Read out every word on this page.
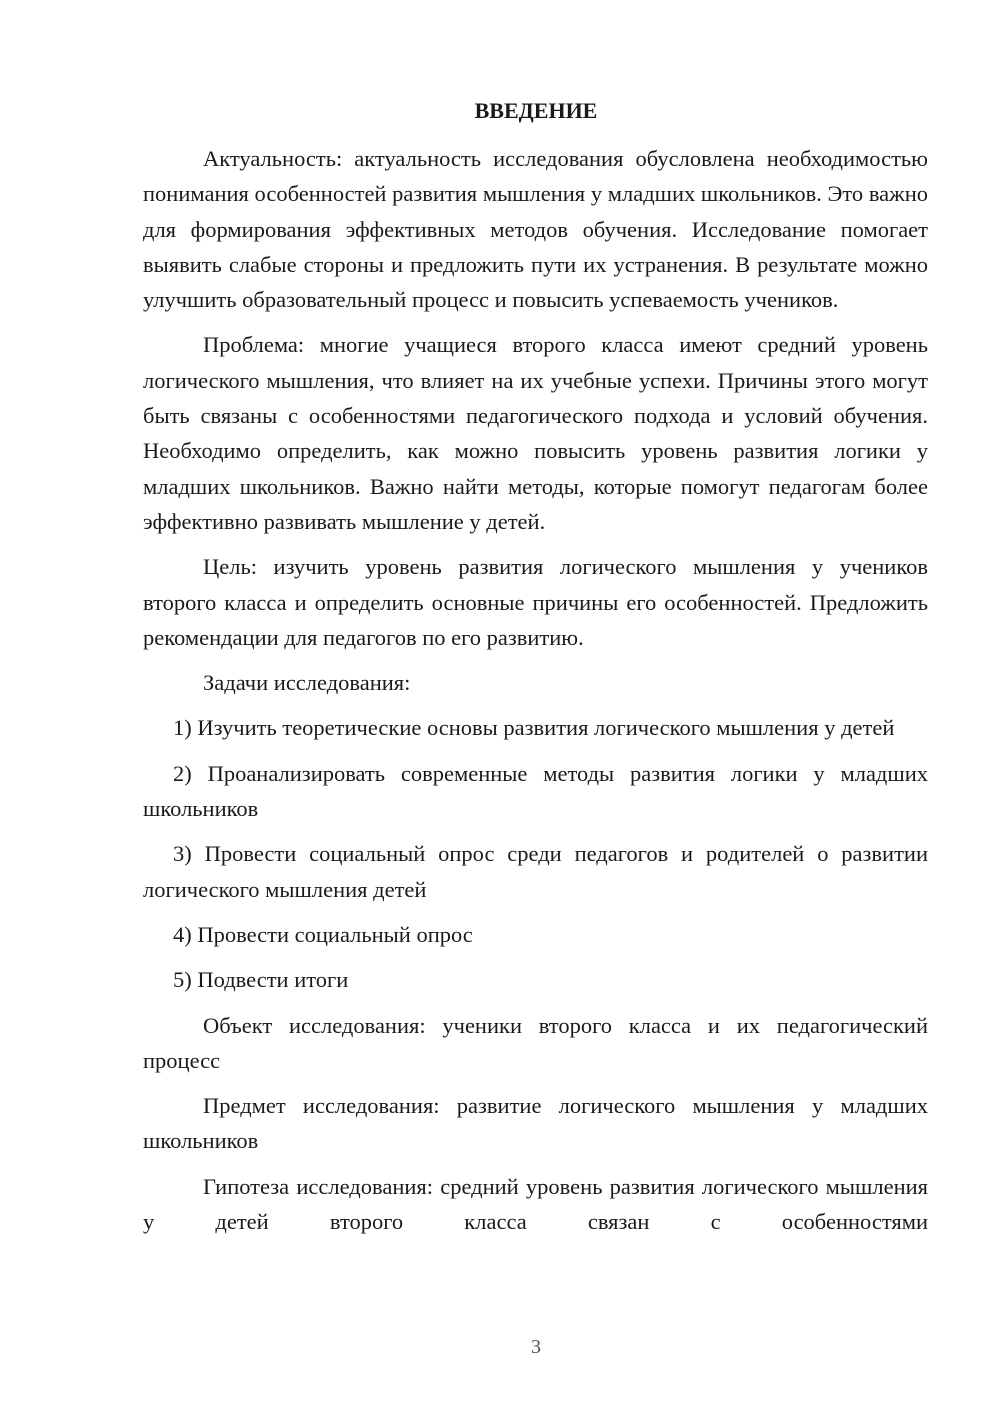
ВВЕДЕНИЕ

Актуальность: актуальность исследования обусловлена необходимостью понимания особенностей развития мышления у младших школьников. Это важно для формирования эффективных методов обучения. Исследование помогает выявить слабые стороны и предложить пути их устранения. В результате можно улучшить образовательный процесс и повысить успеваемость учеников.

Проблема: многие учащиеся второго класса имеют средний уровень логического мышления, что влияет на их учебные успехи. Причины этого могут быть связаны с особенностями педагогического подхода и условий обучения. Необходимо определить, как можно повысить уровень развития логики у младших школьников. Важно найти методы, которые помогут педагогам более эффективно развивать мышление у детей.

Цель: изучить уровень развития логического мышления у учеников второго класса и определить основные причины его особенностей. Предложить рекомендации для педагогов по его развитию.

Задачи исследования:

1) Изучить теоретические основы развития логического мышления у детей

2) Проанализировать современные методы развития логики у младших школьников

3) Провести социальный опрос среди педагогов и родителей о развитии логического мышления детей

4) Провести социальный опрос

5) Подвести итоги

Объект исследования: ученики второго класса и их педагогический процесс

Предмет исследования: развитие логического мышления у младших школьников

Гипотеза исследования: средний уровень развития логического мышления у детей второго класса связан с особенностями

3
